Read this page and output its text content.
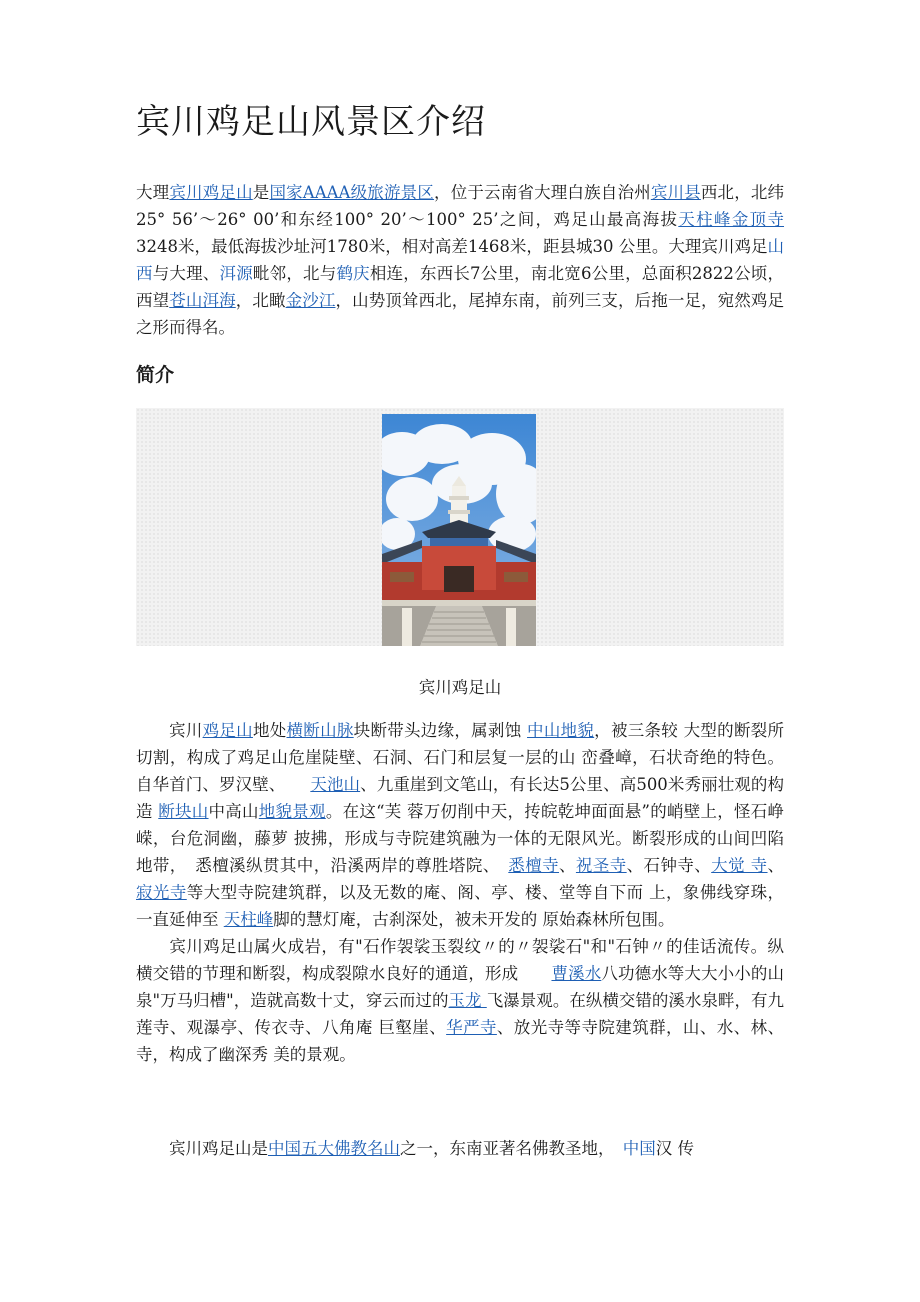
宾川鸡足山风景区介绍

大理宾川鸡足山是国家AAAA级旅游景区，位于云南省大理白族自治州宾川县西北，北纬25° 56’～26° 00’和东经100° 20’～100° 25’之间，鸡足山最高海拔天柱峰金顶寺3248米，最低海拔沙址河1780米，相对高差1468米，距县城30 公里。大理宾川鸡足山西与大理、洱源毗邻，北与鹤庆相连，东西长7公里，南北宽6公里，总面积2822公顷，西望苍山洱海，北瞰金沙江，山势顶耸西北，尾掉东南，前列三支，后拖一足，宛然鸡足之形而得名。

简介
宾川鸡足山

宾川鸡足山地处横断山脉块断带头边缘，属剥蚀 中山地貌，被三条较 大型的断裂所切割，构成了鸡足山危崖陡壁、石洞、石门和层复一层的山 峦叠嶂，石状奇绝的特色。自华首门、罗汉壁、　　天池山、九重崖到文笔山，有长达5公里、高500米秀丽壮观的构造 断块山中高山地貌景观。在这“芙 蓉万仞削中天，抟皖乾坤面面悬”的峭壁上，怪石峥嵘，台危洞幽，藤萝 披拂，形成与寺院建筑融为一体的无限风光。断裂形成的山间凹陷地带，　悉檀溪纵贯其中，沿溪两岸的尊胜塔院、　悉檀寺、祝圣寺、石钟寺、大觉 寺、寂光寺等大型寺院建筑群，以及无数的庵、阁、亭、楼、堂等自下而 上，象佛线穿珠，一直延伸至 天柱峰脚的慧灯庵，古刹深处，被未开发的 原始森林所包围。
宾川鸡足山属火成岩，有"石作袈裟玉裂纹〃的〃袈裟石"和"石钟〃的佳话流传。纵横交错的节理和断裂，构成裂隙水良好的通道，形成　　曹溪水八功德水等大大小小的山泉"万马归槽"，造就高数十丈，穿云而过的玉龙 飞瀑景观。在纵横交错的溪水泉畔，有九莲寺、观瀑亭、传衣寺、八角庵 巨壑崖、华严寺、放光寺等寺院建筑群，山、水、林、寺，构成了幽深秀 美的景观。

宾川鸡足山是中国五大佛教名山之一，东南亚著名佛教圣地，　中国汉 传
